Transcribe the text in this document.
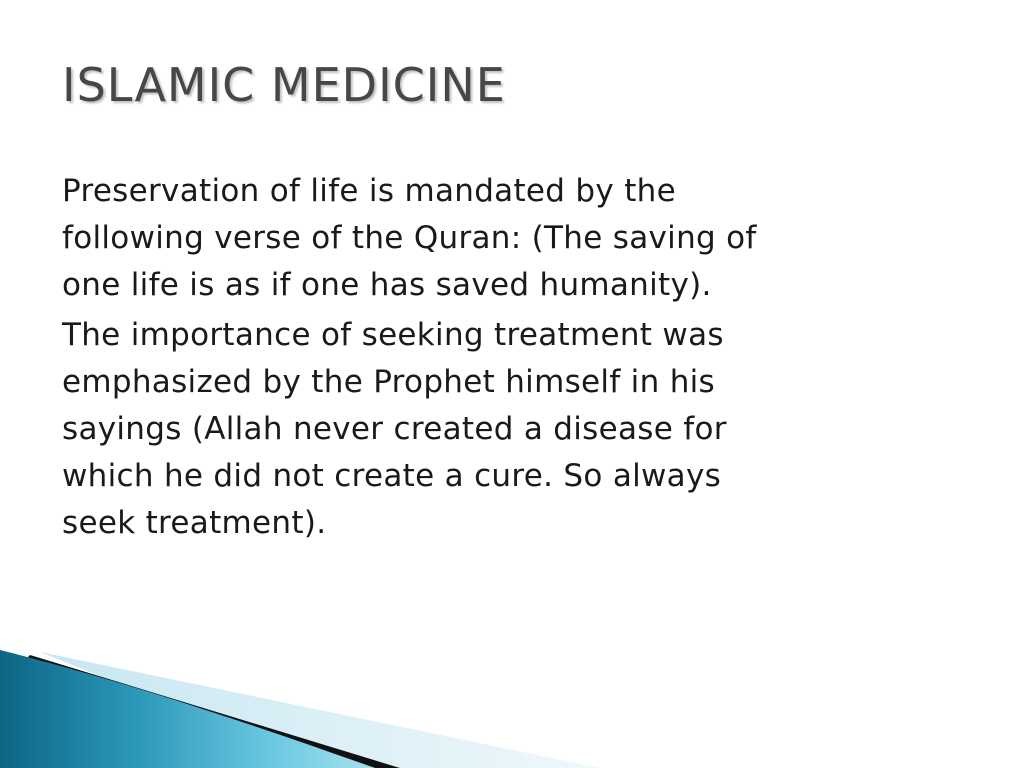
ISLAMIC MEDICINE

Preservation of life is mandated by the
following verse of the Quran: (The saving of
one life is as if one has saved humanity).

The importance of seeking treatment was
emphasized by the Prophet himself in his
sayings (Allah never created a disease for
which he did not create a cure. So always
seek treatment).
